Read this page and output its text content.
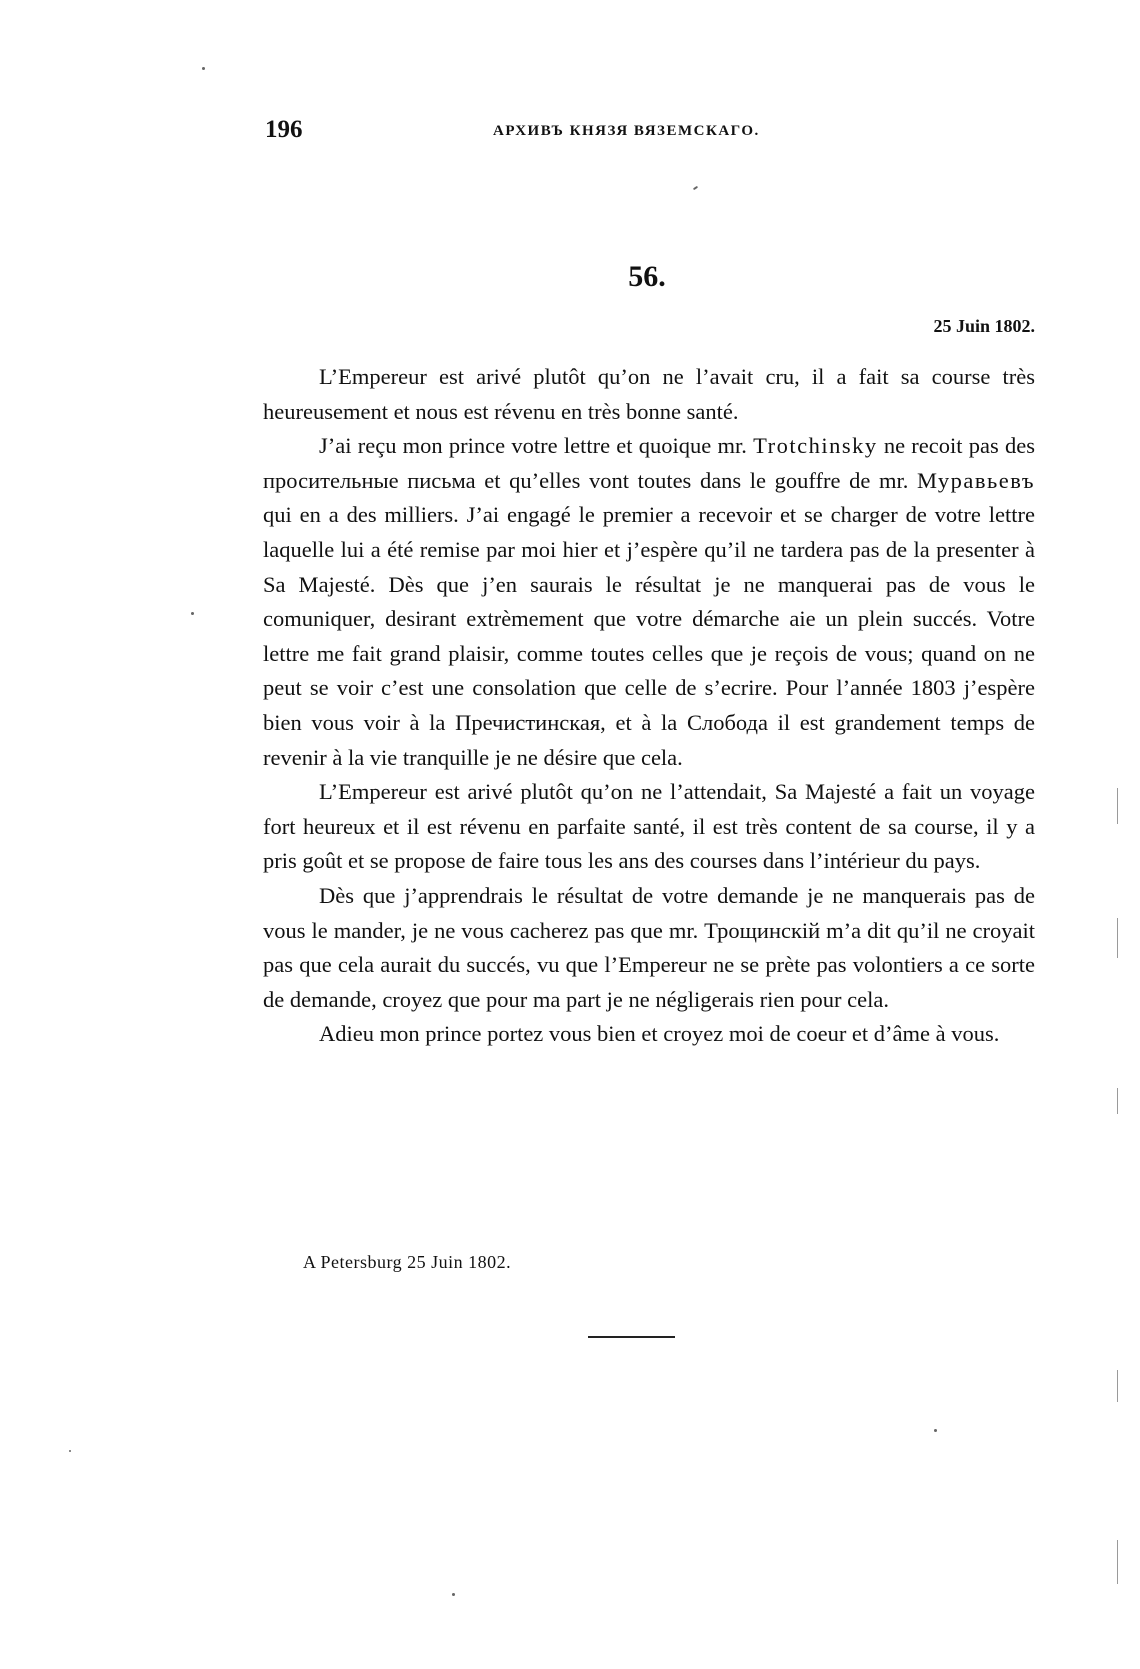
196	АРХИВЪ КНЯЗЯ ВЯЗЕМСКАГО.
56.
25 Juin 1802.

L’Empereur est arivé plutôt qu’on ne l’avait cru, il a fait sa course très heureusement et nous est révenu en très bonne santé.

J’ai reçu mon prince votre lettre et quoique mr. Trotchinsky ne recoit pas des просительные письма et qu’elles vont toutes dans le gouffre de mr. Муравьевъ qui en a des milliers. J’ai engagé le premier a recevoir et se charger de votre lettre laquelle lui a été remise par moi hier et j’espère qu’il ne tardera pas de la presenter à Sa Majesté. Dès que j’en saurais le résultat je ne manquerai pas de vous le comuniquer, desirant extrèmement que votre démarche aie un plein succés. Votre lettre me fait grand plaisir, comme toutes celles que je reçois de vous; quand on ne peut se voir c’est une consolation que celle de s’ecrire. Pour l’année 1803 j’espère bien vous voir à la Пречистинская, et à la Слобода il est grandement temps de revenir à la vie tranquille je ne désire que cela.

L’Empereur est arivé plutôt qu’on ne l’attendait, Sa Majesté a fait un voyage fort heureux et il est révenu en parfaite santé, il est très content de sa course, il y a pris goût et se propose de faire tous les ans des courses dans l’intérieur du pays.

Dès que j’apprendrais le résultat de votre demande je ne manquerais pas de vous le mander, je ne vous cacherez pas que mr. Трощинскій m’a dit qu’il ne croyait pas que cela aurait du succés, vu que l’Empereur ne se prète pas volontiers a ce sorte de demande, croyez que pour ma part je ne négligerais rien pour cela.

Adieu mon prince portez vous bien et croyez moi de coeur et d’âme à vous.

A Petersburg 25 Juin 1802.
